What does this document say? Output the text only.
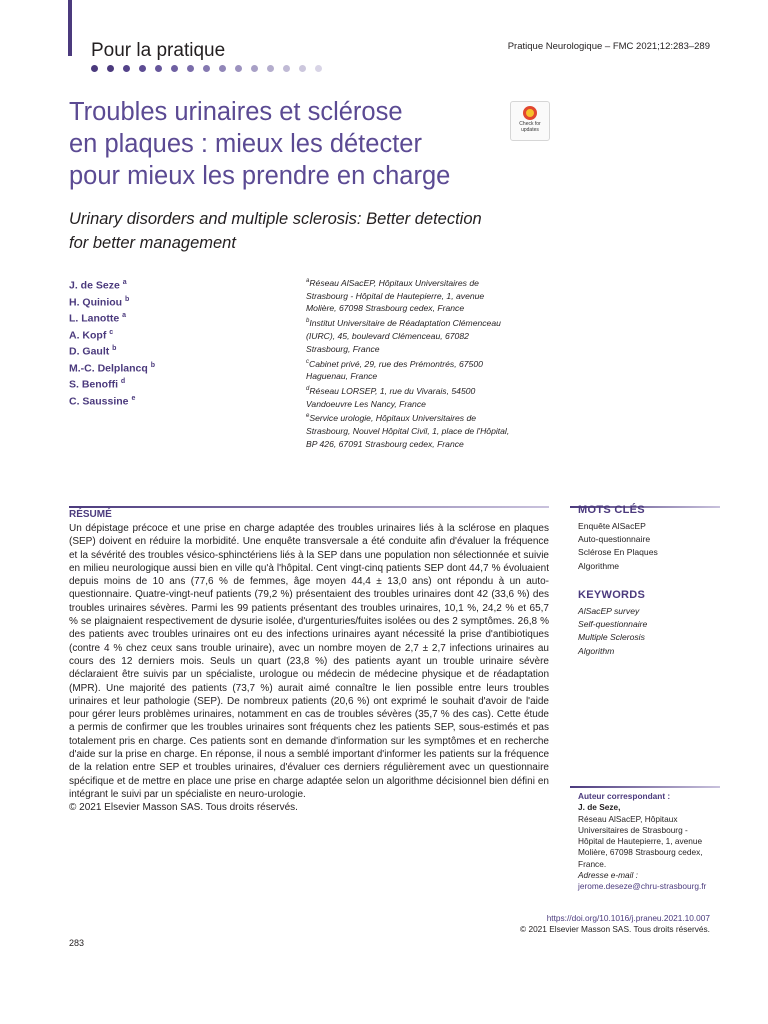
Pour la pratique	Pratique Neurologique – FMC 2021;12:283–289
Troubles urinaires et sclérose
en plaques : mieux les détecter
pour mieux les prendre en charge
Check for updates
Urinary disorders and multiple sclerosis: Better detection
for better management
J. de Seze $^a$
H. Quiniou $^b$
L. Lanotte $^a$
A. Kopf $^c$
D. Gault $^b$
M.-C. Delplancq $^b$
S. Benoffi $^d$
C. Saussine $^e$
$^a$Réseau AlSacEP, Hôpitaux Universitaires de
Strasbourg - Hôpital de Hautepierre, 1, avenue
Molière, 67098 Strasbourg cedex, France
$^b$Institut Universitaire de Réadaptation Clémenceau
(IURC), 45, boulevard Clémenceau, 67082
Strasbourg, France
$^c$Cabinet privé, 29, rue des Prémontrés, 67500
Haguenau, France
$^d$Réseau LORSEP, 1, rue du Vivarais, 54500
Vandoeuvre Les Nancy, France
$^e$Service urologie, Hôpitaux Universitaires de
Strasbourg, Nouvel Hôpital Civil, 1, place de l'Hôpital,
BP 426, 67091 Strasbourg cedex, France
RÉSUMÉ

Un dépistage précoce et une prise en charge adaptée des troubles urinaires liés à la sclérose en plaques (SEP) doivent en réduire la morbidité. Une enquête transversale a été conduite afin d'évaluer la fréquence et la sévérité des troubles vésico-sphinctériens liés à la SEP dans une population non sélectionnée et suivie en milieu neurologique aussi bien en ville qu'à l'hôpital. Cent vingt-cinq patients SEP dont 44,7 % évoluaient depuis moins de 10 ans (77,6 % de femmes, âge moyen 44,4 ± 13,0 ans) ont répondu à un auto-questionnaire. Quatre-vingt-neuf patients (79,2 %) présentaient des troubles urinaires dont 42 (33,6 %) des troubles urinaires sévères. Parmi les 99 patients présentant des troubles urinaires, 10,1 %, 24,2 % et 65,7 % se plaignaient respectivement de dysurie isolée, d'urgenturies/fuites isolées ou des 2 symptômes. 26,8 % des patients avec troubles urinaires ont eu des infections urinaires ayant nécessité la prise d'antibiotiques (contre 4 % chez ceux sans trouble urinaire), avec un nombre moyen de 2,7 ± 2,7 infections urinaires au cours des 12 derniers mois. Seuls un quart (23,8 %) des patients ayant un trouble urinaire sévère déclaraient être suivis par un spécialiste, urologue ou médecin de médecine physique et de réadaptation (MPR). Une majorité des patients (73,7 %) aurait aimé connaître le lien possible entre leurs troubles urinaires et leur pathologie (SEP). De nombreux patients (20,6 %) ont exprimé le souhait d'avoir de l'aide pour gérer leurs problèmes urinaires, notamment en cas de troubles sévères (35,7 % des cas). Cette étude a permis de confirmer que les troubles urinaires sont fréquents chez les patients SEP, sous-estimés et pas totalement pris en charge. Ces patients sont en demande d'information sur les symptômes et en recherche d'aide sur la prise en charge. En réponse, il nous a semblé important d'informer les patients sur la fréquence de la relation entre SEP et troubles urinaires, d'évaluer ces derniers régulièrement avec un questionnaire spécifique et de mettre en place une prise en charge adaptée selon un algorithme décisionnel bien défini en intégrant le suivi par un spécialiste en neuro-urologie.

© 2021 Elsevier Masson SAS. Tous droits réservés.

MOTS CLÉS
Enquête AlSacEP
Auto-questionnaire
Sclérose En Plaques
Algorithme
KEYWORDS
AlSacEP survey
Self-questionnaire
Multiple Sclerosis
Algorithm
Auteur correspondant :
J. de Seze,
Réseau AlSacEP, Hôpitaux
Universitaires de Strasbourg -
Hôpital de Hautepierre, 1, avenue
Molière, 67098 Strasbourg cedex,
France.
Adresse e-mail :
jerome.deseze@chru-strasbourg.fr
https://doi.org/10.1016/j.praneu.2021.10.007
© 2021 Elsevier Masson SAS. Tous droits réservés.
283
